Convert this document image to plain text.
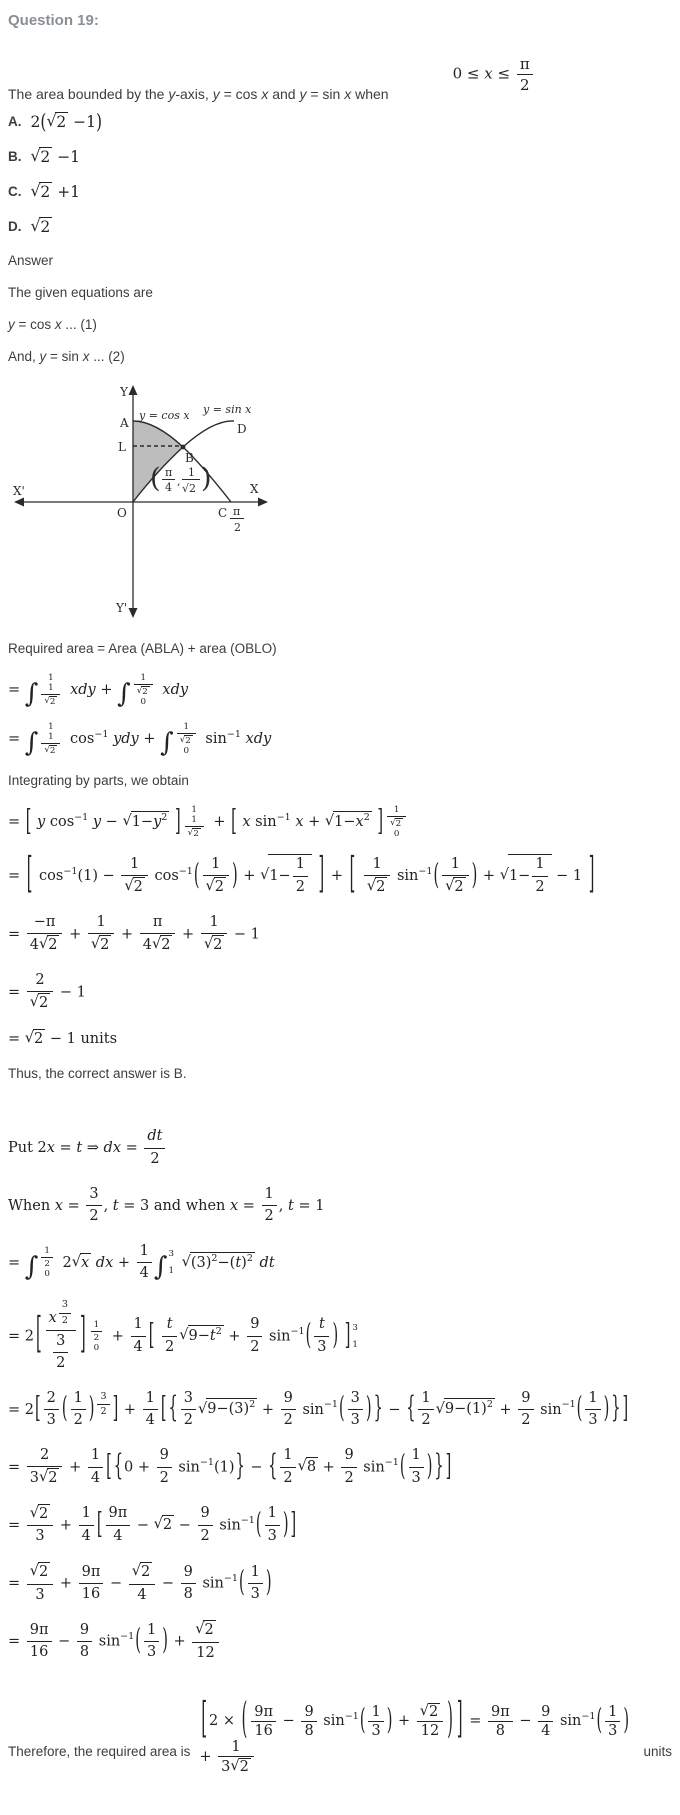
Question 19:
The area bounded by the y-axis, y = cos x and y = sin x when
$0 \le x \le \frac{\pi}{2}$
A. 2(√2 −1)
B. √2 −1
C. √2 +1
D. √2
Answer
The given equations are
y = cos x ... (1)
And, y = sin x ... (2)
Y
Y'
X
X'
O
A
L
B
D
C
y = cos x y = sin x
( π
4 ,
1
√2 )
π
2
Required area = Area (ABLA) + area (OBLO)
= ∫
1
$\frac{1}{√2}$ xdy + ∫ $\frac{1}{√2}$
0
xdy
= ∫
1
$\frac{1}{√2} \cos-1$ ydy + ∫ $\frac{1}{√2}$
0
sin−1 xdy
Integrating by parts, we obtain
= [ y cos−1 y − √1−y2 ]	1
$\frac{1}{√2}$ + [ x sin−1 x + √1−x2 ] $\frac{1}{√2}$
0
= [ $\cos-1(1) - \frac{1}{√2} \cos-1( \frac{1}{√2}$ ) + $√1- \frac{1}{2}$ ] + [ $\frac{1}{√2} \sin-1( \frac{1}{√2}$ ) + $√1- \frac{1}{2} - 1$ ]
= $\frac{-\pi}{4√2} + \frac{1}{√2} + \frac{\pi}{4√2} + \frac{1}{√2} - 1$
= $\frac{2}{√2} - 1$
= √2 − 1 units
Thus, the correct answer is B.
Put 2x = t ⇒ dx = $\frac{dt}{2}$
When $x = \frac{3}{2}$ , t = 3 and when $x = \frac{1}{2}$ , t = 1
= ∫ $\frac{1}{2}$
0
2√x dx + $\frac{1}{4}$ ∫ 3
1
√(3)2−(t)2 dt
= 2 [ $\frac{x \frac{3}{2}}{\frac{3}{2}}$ ] $\frac{1}{2}$
0
+ $\frac{1}{4}$ [ $\frac{t}{2} √9-t2 + \frac{9}{2} \sin-1( \frac{t}{3}$ ) ] 3
1
= $2[ \frac{2}{3}$ ( $\frac{1}{2}$ ) $\frac{3}{2}$ ] + $\frac{1}{4}$ [ { $\frac{3}{2} √9-(3)2 + \frac{9}{2} \sin-1( \frac{3}{3}$ ) } − { $\frac{1}{2} √9-(1)2 + \frac{9}{2} \sin-1( \frac{1}{3}$ ) } ]
= $\frac{2}{3√2} + \frac{1}{4}$ [ $\{0 + \frac{9}{2} \sin-1(1)\}$ − { $\frac{1}{2} √8 + \frac{9}{2} \sin-1( \frac{1}{3}$ ) } ]
= $\frac{√2}{3} + \frac{1}{4}$ [ $\frac{9\pi}{4} - √2 - \frac{9}{2} \sin-1( \frac{1}{3}$ ) ]
= $\frac{√2}{3} + \frac{9\pi}{16} - \frac{√2}{4} - \frac{9}{8} \sin-1( \frac{1}{3}$ )
= $\frac{9\pi}{16} - \frac{9}{8} \sin-1( \frac{1}{3}$ ) + $\frac{√2}{12}$
Therefore, the required area is
[ 2 × ( $\frac{9\pi}{16} - \frac{9}{8} \sin-1( \frac{1}{3}$ ) + $\frac{√2}{12}$ ) ] = $\frac{9\pi}{8} - \frac{9}{4} \sin-1( \frac{1}{3}$ ) + $\frac{1}{3√2}$	units
